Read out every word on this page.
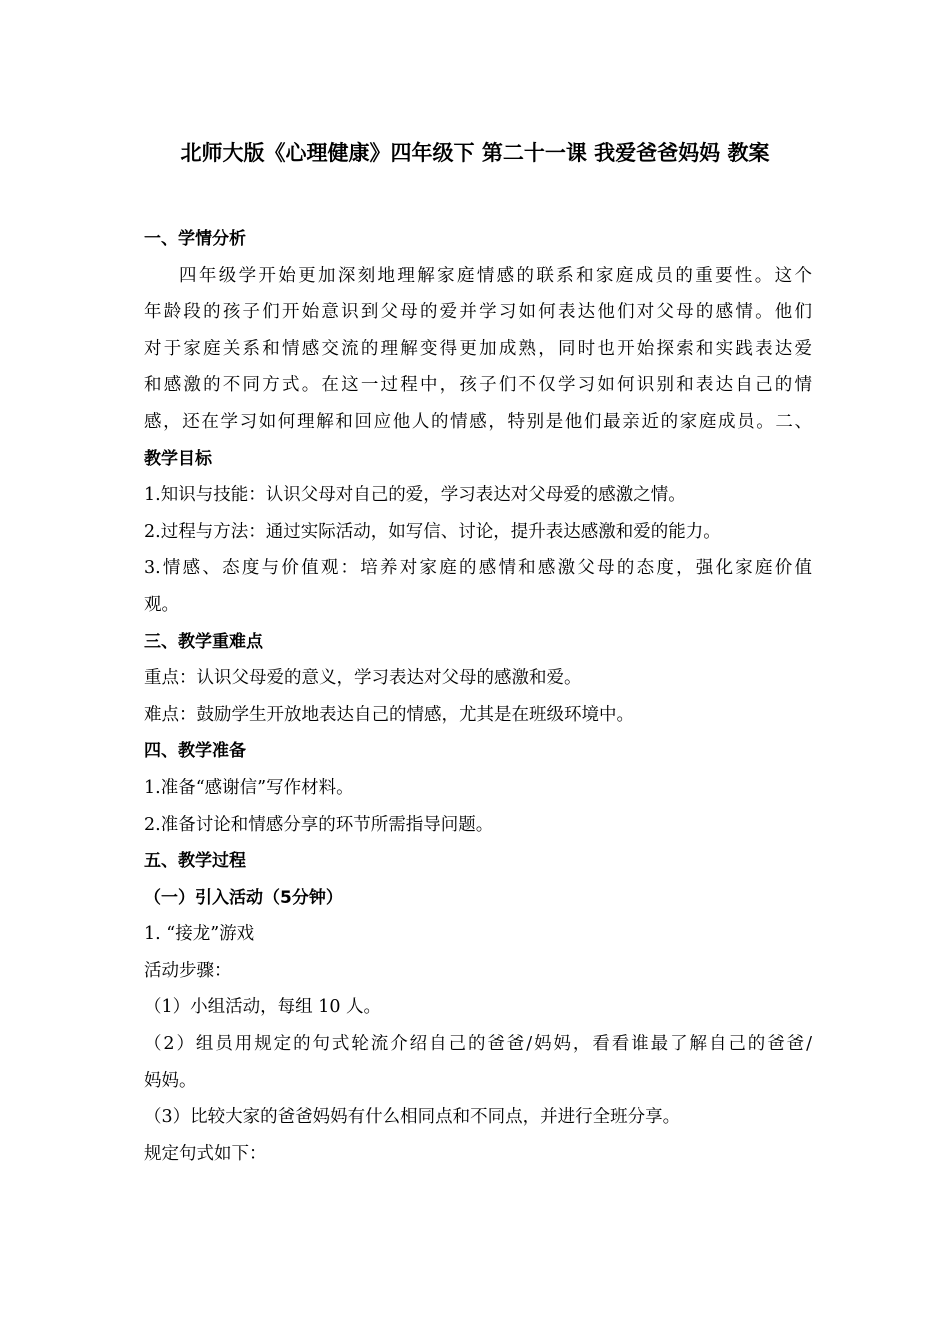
北师大版《心理健康》四年级下 第二十一课 我爱爸爸妈妈 教案
一、学情分析
四年级学开始更加深刻地理解家庭情感的联系和家庭成员的重要性。这个
年龄段的孩子们开始意识到父母的爱并学习如何表达他们对父母的感情。他们
对于家庭关系和情感交流的理解变得更加成熟，同时也开始探索和实践表达爱
和感激的不同方式。在这一过程中，孩子们不仅学习如何识别和表达自己的情
感，还在学习如何理解和回应他人的情感，特别是他们最亲近的家庭成员。二、
教学目标
1.知识与技能：认识父母对自己的爱，学习表达对父母爱的感激之情。
2.过程与方法：通过实际活动，如写信、讨论，提升表达感激和爱的能力。
3.情感、态度与价值观：培养对家庭的感情和感激父母的态度，强化家庭价值
观。
三、教学重难点
重点：认识父母爱的意义，学习表达对父母的感激和爱。
难点：鼓励学生开放地表达自己的情感，尤其是在班级环境中。
四、教学准备
1.准备“感谢信”写作材料。
2.准备讨论和情感分享的环节所需指导问题。
五、教学过程
（一）引入活动（5分钟）
1. “接龙”游戏
活动步骤：
（1）小组活动，每组 10 人。
（2）组员用规定的句式轮流介绍自己的爸爸/妈妈，看看谁最了解自己的爸爸/
妈妈。
（3）比较大家的爸爸妈妈有什么相同点和不同点，并进行全班分享。
规定句式如下：
